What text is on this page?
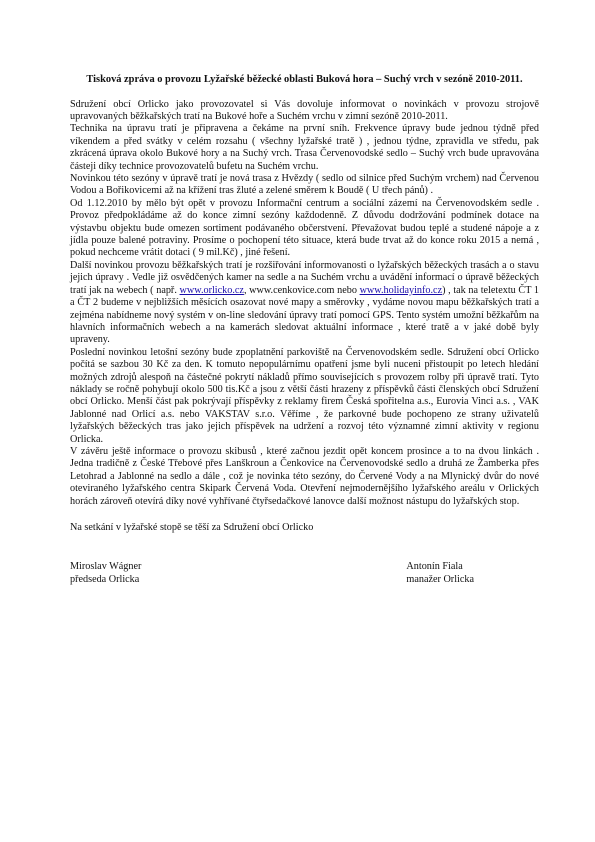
Tisková zpráva o provozu Lyžařské běžecké oblasti Buková hora – Suchý vrch v sezóně 2010-2011.

Sdružení obcí Orlicko jako provozovatel si Vás dovoluje informovat o novinkách v provozu strojově upravovaných běžkařských tratí na Bukové hoře a Suchém vrchu v zimní sezóně 2010-2011.

Technika na úpravu tratí je připravena a čekáme na první sníh. Frekvence úpravy bude jednou týdně před víkendem a před svátky v celém rozsahu ( všechny lyžařské tratě ) , jednou týdne, zpravidla ve středu, pak zkrácená úprava okolo Bukové hory a na Suchý vrch. Trasa Červenovodské sedlo – Suchý vrch bude upravována částeji díky technice provozovatelů bufetu na Suchém vrchu.

Novinkou této sezóny v úpravě tratí je nová trasa z Hvězdy ( sedlo od silnice před Suchým vrchem) nad Červenou Vodou a Bořikovicemi až na křížení tras žluté a zelené směrem k Boudě ( U třech pánů) .

Od 1.12.2010 by mělo být opět v provozu Informační centrum a sociální zázemí na Červenovodském sedle . Provoz předpokládáme až do konce zimní sezóny každodenně. Z důvodu dodržování podmínek dotace na výstavbu objektu bude omezen sortiment podávaného občerstvení. Převažovat budou teplé a studené nápoje a z jídla pouze balené potraviny. Prosíme o pochopení této situace, která bude trvat až do konce roku 2015 a nemá , pokud nechceme vrátit dotaci ( 9 mil.Kč) , jiné řešení.

Další novinkou provozu běžkařských tratí je rozšiřování informovanosti o lyžařských běžeckých trasách a o stavu jejich úpravy . Vedle již osvědčených kamer na sedle a na Suchém vrchu a uvádění informací o úpravě běžeckých tratí jak na webech ( např. www.orlicko.cz, www.cenkovice.com nebo www.holidayinfo.cz) , tak na teletextu ČT 1 a ČT 2 budeme v nejbližších měsících osazovat nové mapy a směrovky , vydáme novou mapu běžkařských tratí a zejména nabídneme nový systém v on-line sledování úpravy tratí pomocí GPS. Tento systém umožní běžkařům na hlavních informačních webech a na kamerách sledovat aktuální informace , které tratě a v jaké době byly upraveny.

Poslední novinkou letošní sezóny bude zpoplatnění parkoviště na Červenovodském sedle. Sdružení obcí Orlicko počítá se sazbou 30 Kč za den. K tomuto nepopulárnímu opatření jsme byli nuceni přistoupit po letech hledání možných zdrojů alespoň na částečné pokrytí nákladů přímo souvisejících s provozem rolby při úpravě tratí. Tyto náklady se ročně pohybují okolo 500 tis.Kč a jsou z větší části hrazeny z příspěvků části členských obcí Sdružení obcí Orlicko. Menší část pak pokrývají příspěvky z reklamy firem Česká spořitelna a.s., Eurovia Vinci a.s. , VAK Jablonné nad Orlicí a.s. nebo VAKSTAV s.r.o. Věříme , že parkovné bude pochopeno ze strany uživatelů lyžařských běžeckých tras jako jejich příspěvek na udržení a rozvoj této významné zimní aktivity v regionu Orlicka.

V závěru ještě informace o provozu skibusů , které začnou jezdit opět koncem prosince a to na dvou linkách . Jedna tradičně z České Třebové přes Lanškroun a Čenkovice na Červenovodské sedlo a druhá ze Žamberka přes Letohrad a Jablonné na sedlo a dále , což je novinka této sezóny, do Červené Vody a na Mlynický dvůr do nové oteviraného lyžařského centra Skipark Červená Voda. Otevření nejmodernějšího lyžařského areálu v Orlických horách zároveň otevírá díky nové vyhřívané čtyřsedačkové lanovce další možnost nástupu do lyžařských stop.

Na setkání v lyžařské stopě se těší za Sdružení obcí Orlicko

Miroslav Wágner
předseda Orlicka
Antonín Fiala
manažer Orlicka
